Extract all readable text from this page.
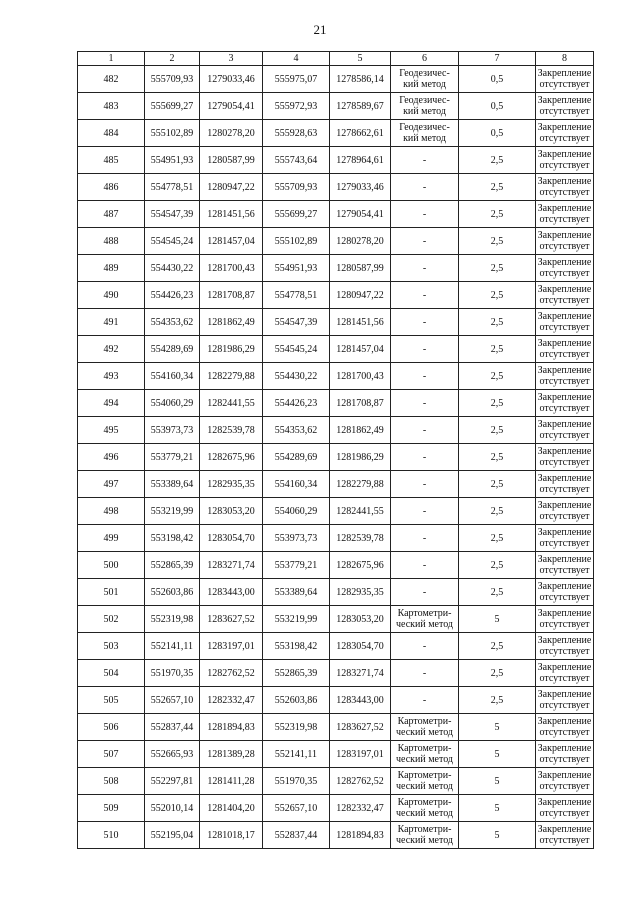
21
1	2	3	4	5	6	7	8
482	555709,93	1279033,46	555975,07	1278586,14	Геодезичес-
кий метод	0,5	Закрепление
отсутствует

483	555699,27	1279054,41	555972,93	1278589,67	Геодезичес-
кий метод	0,5	Закрепление
отсутствует

484	555102,89	1280278,20	555928,63	1278662,61	Геодезичес-
кий метод	0,5	Закрепление
отсутствует

485	554951,93	1280587,99	555743,64	1278964,61	-	2,5	Закрепление
отсутствует

486	554778,51	1280947,22	555709,93	1279033,46	-	2,5	Закрепление
отсутствует

487	554547,39	1281451,56	555699,27	1279054,41	-	2,5	Закрепление
отсутствует

488	554545,24	1281457,04	555102,89	1280278,20	-	2,5	Закрепление
отсутствует

489	554430,22	1281700,43	554951,93	1280587,99	-	2,5	Закрепление
отсутствует

490	554426,23	1281708,87	554778,51	1280947,22	-	2,5	Закрепление
отсутствует

491	554353,62	1281862,49	554547,39	1281451,56	-	2,5	Закрепление
отсутствует

492	554289,69	1281986,29	554545,24	1281457,04	-	2,5	Закрепление
отсутствует

493	554160,34	1282279,88	554430,22	1281700,43	-	2,5	Закрепление
отсутствует

494	554060,29	1282441,55	554426,23	1281708,87	-	2,5	Закрепление
отсутствует

495	553973,73	1282539,78	554353,62	1281862,49	-	2,5	Закрепление
отсутствует

496	553779,21	1282675,96	554289,69	1281986,29	-	2,5	Закрепление
отсутствует

497	553389,64	1282935,35	554160,34	1282279,88	-	2,5	Закрепление
отсутствует

498	553219,99	1283053,20	554060,29	1282441,55	-	2,5	Закрепление
отсутствует

499	553198,42	1283054,70	553973,73	1282539,78	-	2,5	Закрепление
отсутствует

500	552865,39	1283271,74	553779,21	1282675,96	-	2,5	Закрепление
отсутствует

501	552603,86	1283443,00	553389,64	1282935,35	-	2,5	Закрепление
отсутствует

502	552319,98	1283627,52	553219,99	1283053,20	Картометри-
ческий метод	5	Закрепление
отсутствует

503	552141,11	1283197,01	553198,42	1283054,70	-	2,5	Закрепление
отсутствует

504	551970,35	1282762,52	552865,39	1283271,74	-	2,5	Закрепление
отсутствует

505	552657,10	1282332,47	552603,86	1283443,00	-	2,5	Закрепление
отсутствует

506	552837,44	1281894,83	552319,98	1283627,52	Картометри-
ческий метод	5	Закрепление
отсутствует

507	552665,93	1281389,28	552141,11	1283197,01	Картометри-
ческий метод	5	Закрепление
отсутствует

508	552297,81	1281411,28	551970,35	1282762,52	Картометри-
ческий метод	5	Закрепление
отсутствует

509	552010,14	1281404,20	552657,10	1282332,47	Картометри-
ческий метод	5	Закрепление
отсутствует

510	552195,04	1281018,17	552837,44	1281894,83	Картометри-
ческий метод	5	Закрепление
отсутствует
